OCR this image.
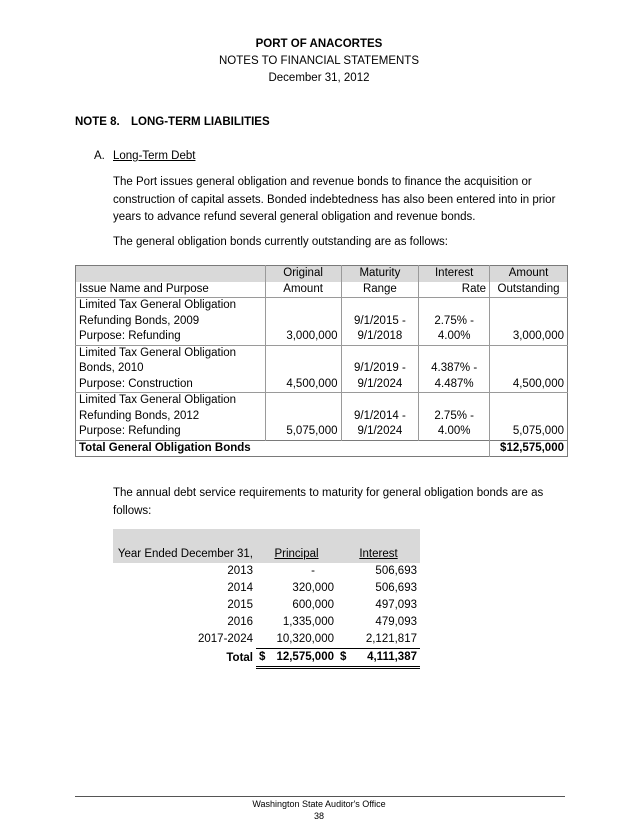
PORT OF ANACORTES
NOTES TO FINANCIAL STATEMENTS
December 31, 2012
NOTE 8. LONG-TERM LIABILITIES
A. Long-Term Debt
The Port issues general obligation and revenue bonds to finance the acquisition or construction of capital assets. Bonded indebtedness has also been entered into in prior years to advance refund several general obligation and revenue bonds.
The general obligation bonds currently outstanding are as follows:
	Original	Maturity	Interest	Amount
Issue Name and Purpose	Amount	Range	Rate	Outstanding
Limited Tax General Obligation				
Refunding Bonds, 2009		9/1/2015 -	2.75% -	
Purpose: Refunding	3,000,000	9/1/2018	4.00%	3,000,000
Limited Tax General Obligation				
Bonds, 2010		9/1/2019 -	4.387% -	
Purpose: Construction	4,500,000	9/1/2024	4.487%	4,500,000
Limited Tax General Obligation				
Refunding Bonds, 2012		9/1/2014 -	2.75% -	
Purpose: Refunding	5,075,000	9/1/2024	4.00%	5,075,000
Total General Obligation Bonds				$12,575,000
The annual debt service requirements to maturity for general obligation bonds are as follows:

Year Ended December 31,	Principal	Interest
2013	-	506,693
2014	320,000	506,693
2015	600,000	497,093
2016	1,335,000	479,093
2017-2024	10,320,000	2,121,817
Total	$ 12,575,000	$ 4,111,387
Washington State Auditor's Office
38
